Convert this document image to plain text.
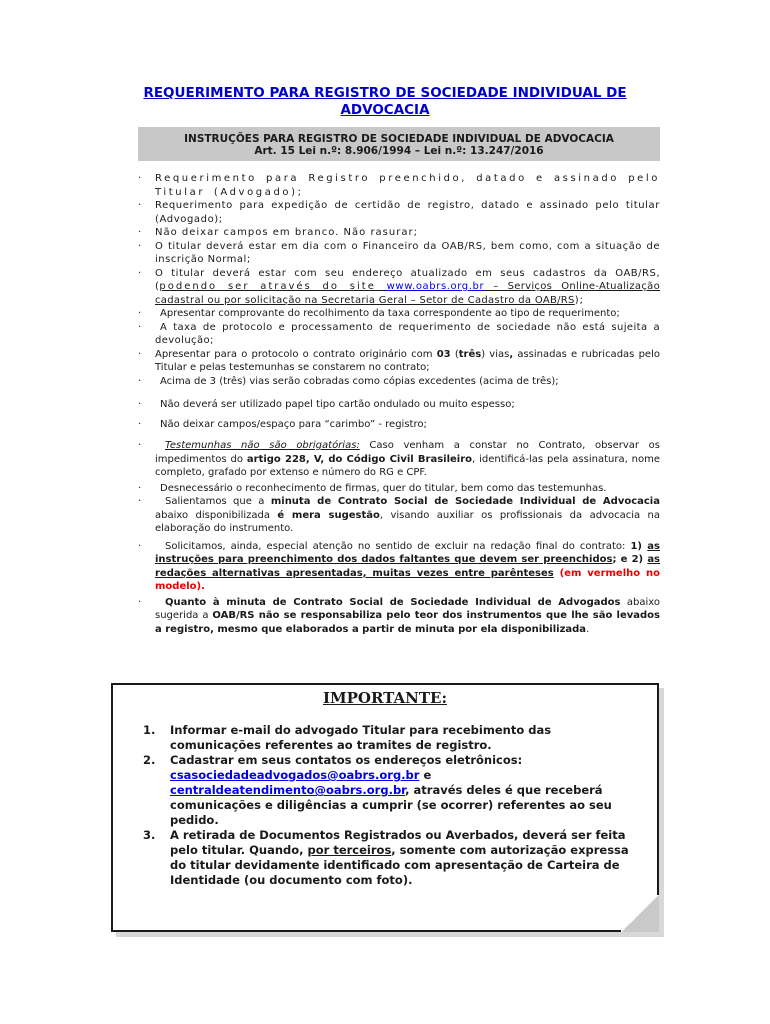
REQUERIMENTO PARA REGISTRO DE SOCIEDADE INDIVIDUAL DE ADVOCACIA
INSTRUÇÕES PARA REGISTRO DE SOCIEDADE INDIVIDUAL DE ADVOCACIA
Art. 15 Lei n.º: 8.906/1994 – Lei n.º: 13.247/2016
· Requerimento para Registro preenchido, datado e assinado pelo Titular (Advogado);
· Requerimento para expedição de certidão de registro, datado e assinado pelo titular (Advogado);
· Não deixar campos em branco. Não rasurar;
· O titular deverá estar em dia com o Financeiro da OAB/RS, bem como, com a situação de inscrição Normal;
· O titular deverá estar com seu endereço atualizado em seus cadastros da OAB/RS, (podendo ser através do site www.oabrs.org.br – Serviços Online-Atualização cadastral ou por solicitação na Secretaria Geral – Setor de Cadastro da OAB/RS);
· Apresentar comprovante do recolhimento da taxa correspondente ao tipo de requerimento;
· A taxa de protocolo e processamento de requerimento de sociedade não está sujeita a devolução;
· Apresentar para o protocolo o contrato originário com 03 (três) vias, assinadas e rubricadas pelo Titular e pelas testemunhas se constarem no contrato;
· Acima de 3 (três) vias serão cobradas como cópias excedentes (acima de três);
· Não deverá ser utilizado papel tipo cartão ondulado ou muito espesso;
· Não deixar campos/espaço para “carimbo” - registro;
· Testemunhas não são obrigatórias: Caso venham a constar no Contrato, observar os impedimentos do artigo 228, V, do Código Civil Brasileiro, identificá-las pela assinatura, nome completo, grafado por extenso e número do RG e CPF.
· Desnecessário o reconhecimento de firmas, quer do titular, bem como das testemunhas.
· Salientamos que a minuta de Contrato Social de Sociedade Individual de Advocacia abaixo disponibilizada é mera sugestão, visando auxiliar os profissionais da advocacia na elaboração do instrumento.
· Solicitamos, ainda, especial atenção no sentido de excluir na redação final do contrato: 1) as instruções para preenchimento dos dados faltantes que devem ser preenchidos; e 2) as redações alternativas apresentadas, muitas vezes entre parênteses (em vermelho no modelo).
· Quanto à minuta de Contrato Social de Sociedade Individual de Advogados abaixo sugerida a OAB/RS não se responsabiliza pelo teor dos instrumentos que lhe são levados a registro, mesmo que elaborados a partir de minuta por ela disponibilizada.
IMPORTANTE:
1. Informar e-mail do advogado Titular para recebimento das comunicações referentes ao tramites de registro.
2. Cadastrar em seus contatos os endereços eletrônicos: csasociedadeadvogados@oabrs.org.br e centraldeatendimento@oabrs.org.br, através deles é que receberá comunicações e diligências a cumprir (se ocorrer) referentes ao seu pedido.
3. A retirada de Documentos Registrados ou Averbados, deverá ser feita pelo titular. Quando, por terceiros, somente com autorização expressa do titular devidamente identificado com apresentação de Carteira de Identidade (ou documento com foto).
